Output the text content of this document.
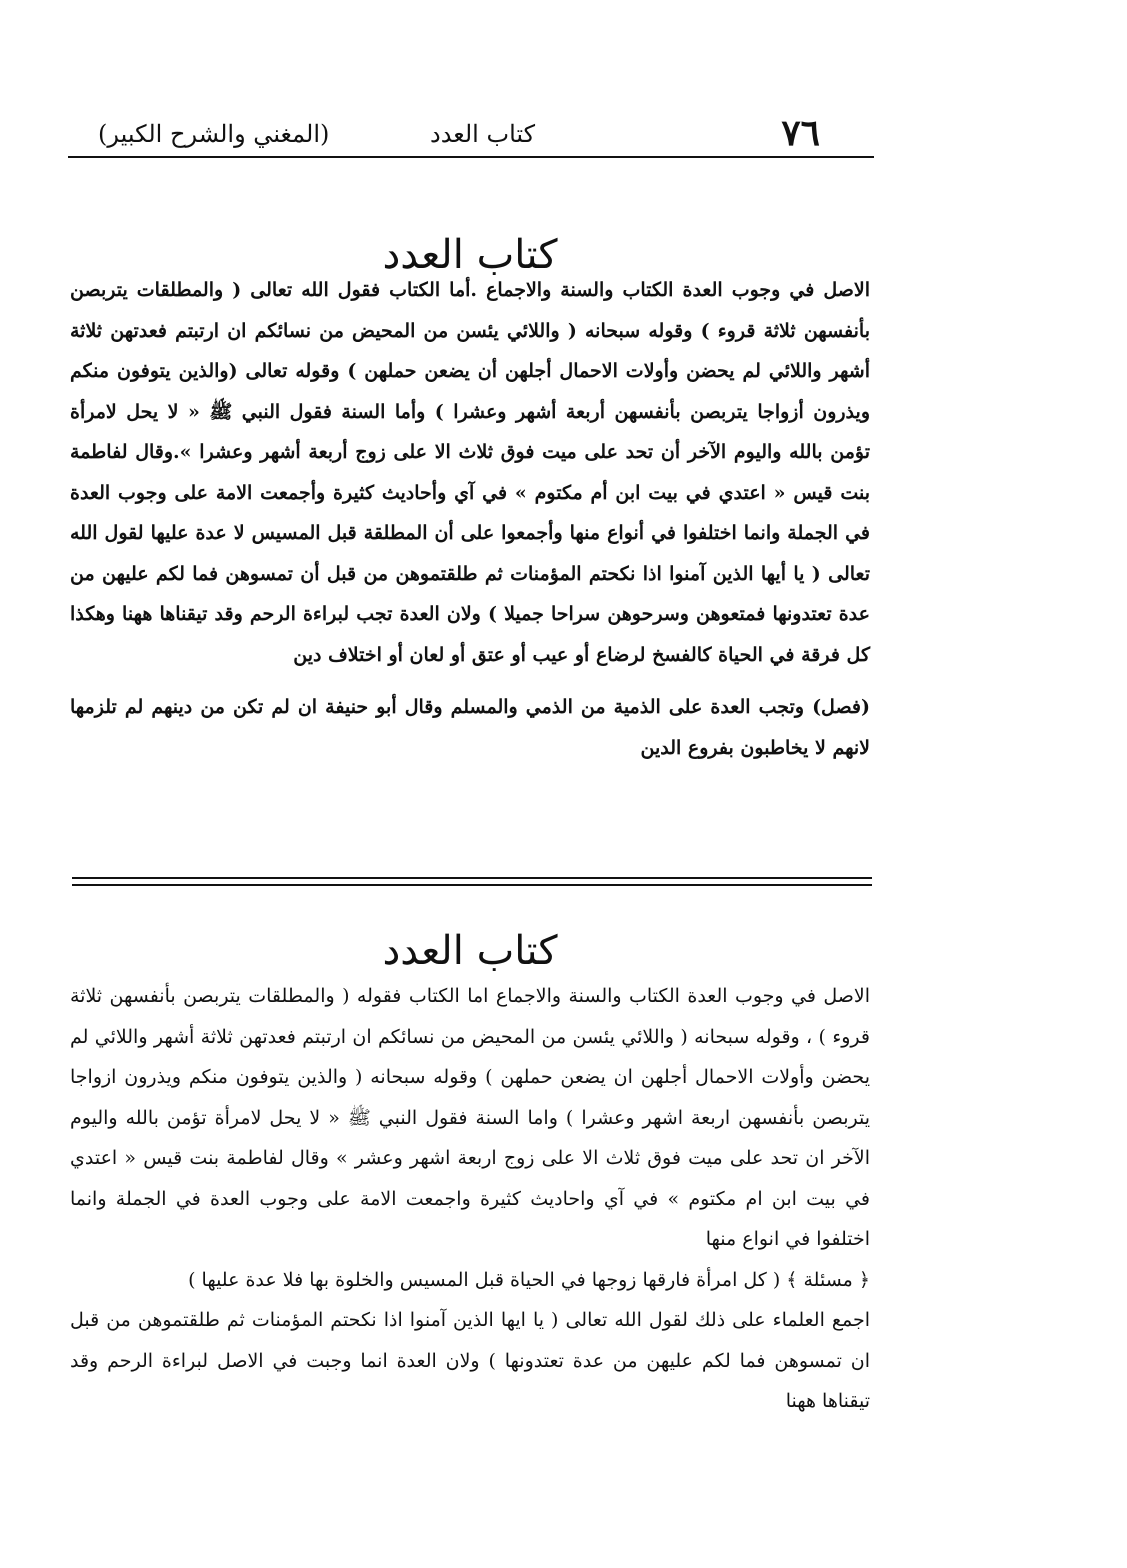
(المغني والشرح الكبير)	كتاب العدد	٧٦
كتاب العدد

الاصل في وجوب العدة الكتاب والسنة والاجماع .أما الكتاب فقول الله تعالى ( والمطلقات يتربصن بأنفسهن ثلاثة قروء ) وقوله سبحانه ( واللائي يئسن من المحيض من نسائكم ان ارتبتم فعدتهن ثلاثة أشهر واللائي لم يحضن وأولات الاحمال أجلهن أن يضعن حملهن ) وقوله تعالى (والذين يتوفون منكم ويذرون أزواجا يتربصن بأنفسهن أربعة أشهر وعشرا ) وأما السنة فقول النبي ﷺ « لا يحل لامرأة تؤمن بالله واليوم الآخر أن تحد على ميت فوق ثلاث الا على زوج أربعة أشهر وعشرا ».وقال لفاطمة بنت قيس « اعتدي في بيت ابن أم مكتوم » في آي وأحاديث كثيرة وأجمعت الامة على وجوب العدة في الجملة وانما اختلفوا في أنواع منها وأجمعوا على أن المطلقة قبل المسيس لا عدة عليها لقول الله تعالى ( يا أيها الذين آمنوا اذا نكحتم المؤمنات ثم طلقتموهن من قبل أن تمسوهن فما لكم عليهن من عدة تعتدونها فمتعوهن وسرحوهن سراحا جميلا ) ولان العدة تجب لبراءة الرحم وقد تيقناها ههنا وهكذا كل فرقة في الحياة كالفسخ لرضاع أو عيب أو عتق أو لعان أو اختلاف دين

(فصل) وتجب العدة على الذمية من الذمي والمسلم وقال أبو حنيفة ان لم تكن من دينهم لم تلزمها لانهم لا يخاطبون بفروع الدين

كتاب العدد

الاصل في وجوب العدة الكتاب والسنة والاجماع اما الكتاب فقوله ( والمطلقات يتربصن بأنفسهن ثلاثة قروء ) ، وقوله سبحانه ( واللائي يئسن من المحيض من نسائكم ان ارتبتم فعدتهن ثلاثة أشهر واللائي لم يحضن وأولات الاحمال أجلهن ان يضعن حملهن ) وقوله سبحانه ( والذين يتوفون منكم ويذرون ازواجا يتربصن بأنفسهن اربعة اشهر وعشرا ) واما السنة فقول النبي ﷺ « لا يحل لامرأة تؤمن بالله واليوم الآخر ان تحد على ميت فوق ثلاث الا على زوج اربعة اشهر وعشر » وقال لفاطمة بنت قيس « اعتدي في بيت ابن ام مكتوم » في آي واحاديث كثيرة واجمعت الامة على وجوب العدة في الجملة وانما اختلفوا في انواع منها

﴿ مسئلة ﴾ ( كل امرأة فارقها زوجها في الحياة قبل المسيس والخلوة بها فلا عدة عليها )

اجمع العلماء على ذلك لقول الله تعالى ( يا ايها الذين آمنوا اذا نكحتم المؤمنات ثم طلقتموهن من قبل ان تمسوهن فما لكم عليهن من عدة تعتدونها ) ولان العدة انما وجبت في الاصل لبراءة الرحم وقد تيقناها ههنا
